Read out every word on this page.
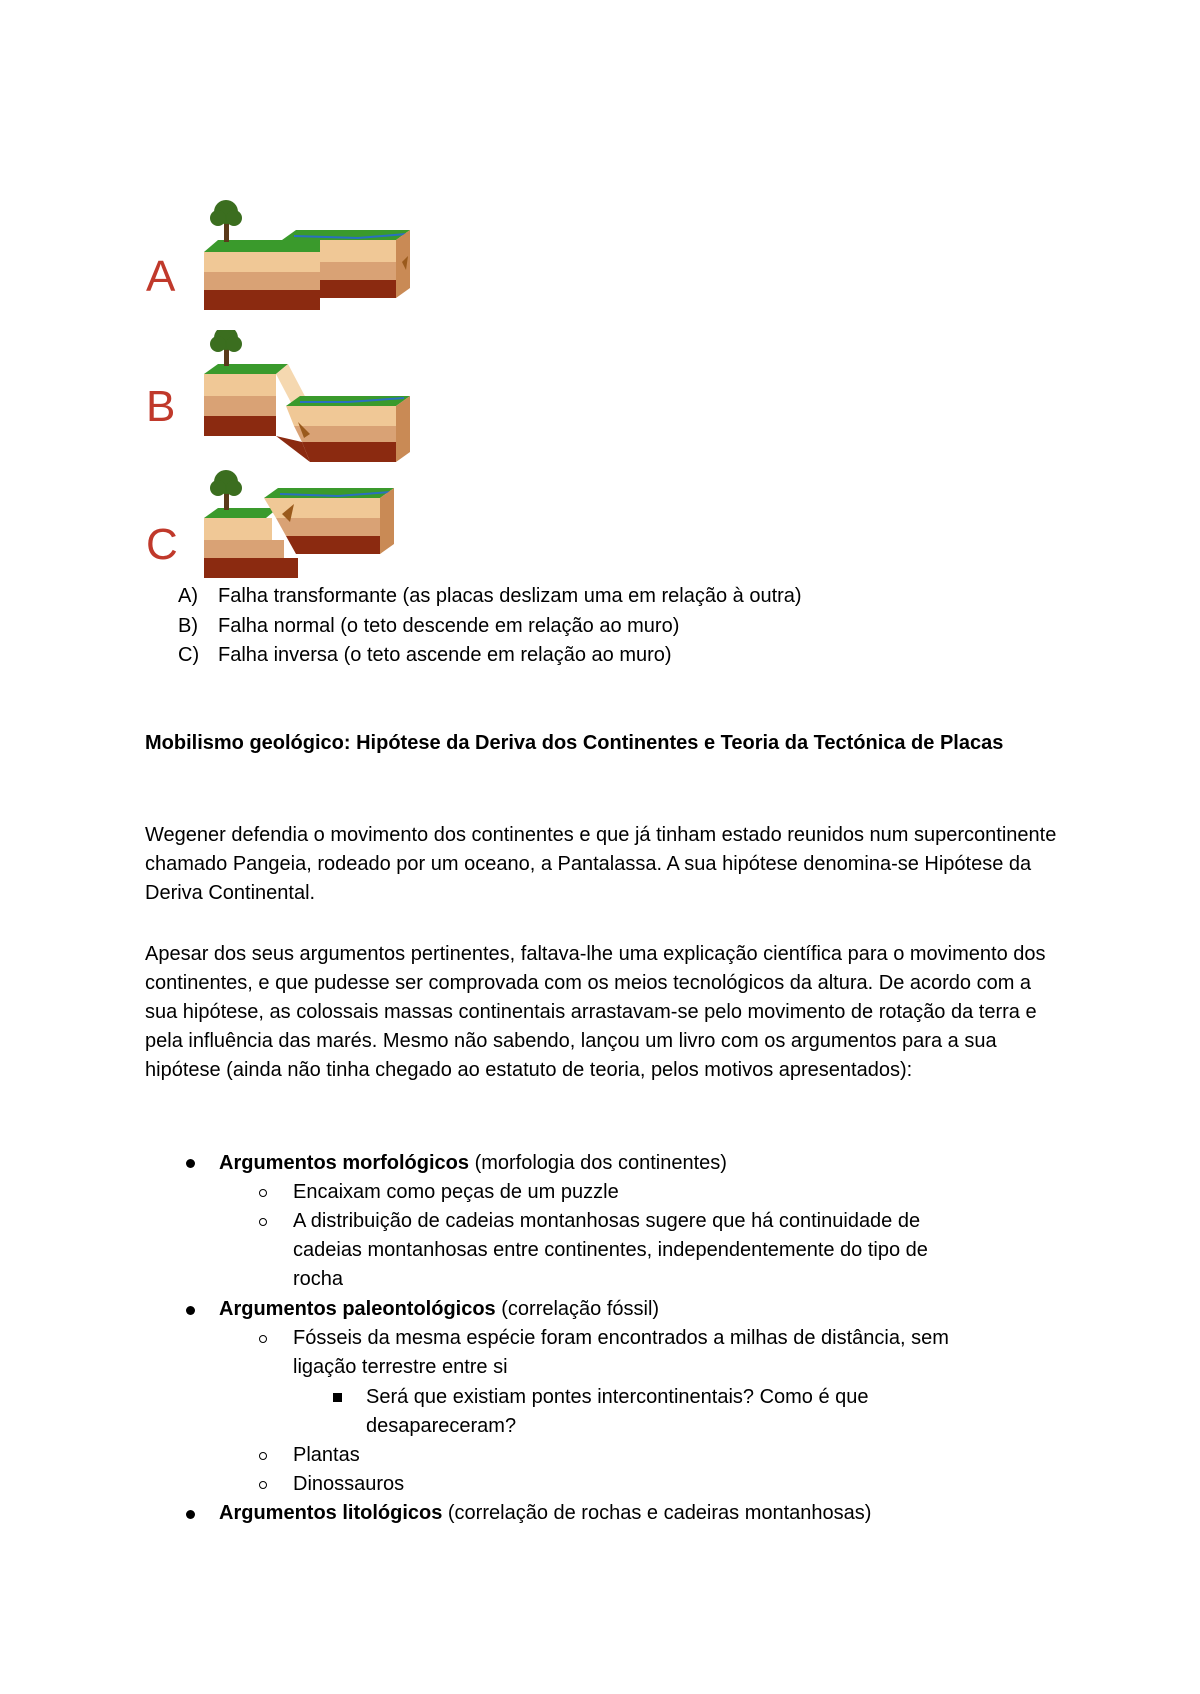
A
B
C
A) Falha transformante (as placas deslizam uma em relação à outra)
B) Falha normal (o teto descende em relação ao muro)
C) Falha inversa (o teto ascende em relação ao muro)

Mobilismo geológico: Hipótese da Deriva dos Continentes e Teoria da Tectónica de Placas

Wegener defendia o movimento dos continentes e que já tinham estado reunidos num supercontinente chamado Pangeia, rodeado por um oceano, a Pantalassa. A sua hipótese denomina-se Hipótese da Deriva Continental.

Apesar dos seus argumentos pertinentes, faltava-lhe uma explicação científica para o movimento dos continentes, e que pudesse ser comprovada com os meios tecnológicos da altura. De acordo com a sua hipótese, as colossais massas continentais arrastavam-se pelo movimento de rotação da terra e pela influência das marés. Mesmo não sabendo, lançou um livro com os argumentos para a sua hipótese (ainda não tinha chegado ao estatuto de teoria, pelos motivos apresentados):

Argumentos morfológicos (morfologia dos continentes)
Encaixam como peças de um puzzle
A distribuição de cadeias montanhosas sugere que há continuidade de
cadeias montanhosas entre continentes, independentemente do tipo de
rocha
Argumentos paleontológicos (correlação fóssil)
Fósseis da mesma espécie foram encontrados a milhas de distância, sem
ligação terrestre entre si
Será que existiam pontes intercontinentais? Como é que
desapareceram?
Plantas
Dinossauros
Argumentos litológicos (correlação de rochas e cadeiras montanhosas)
